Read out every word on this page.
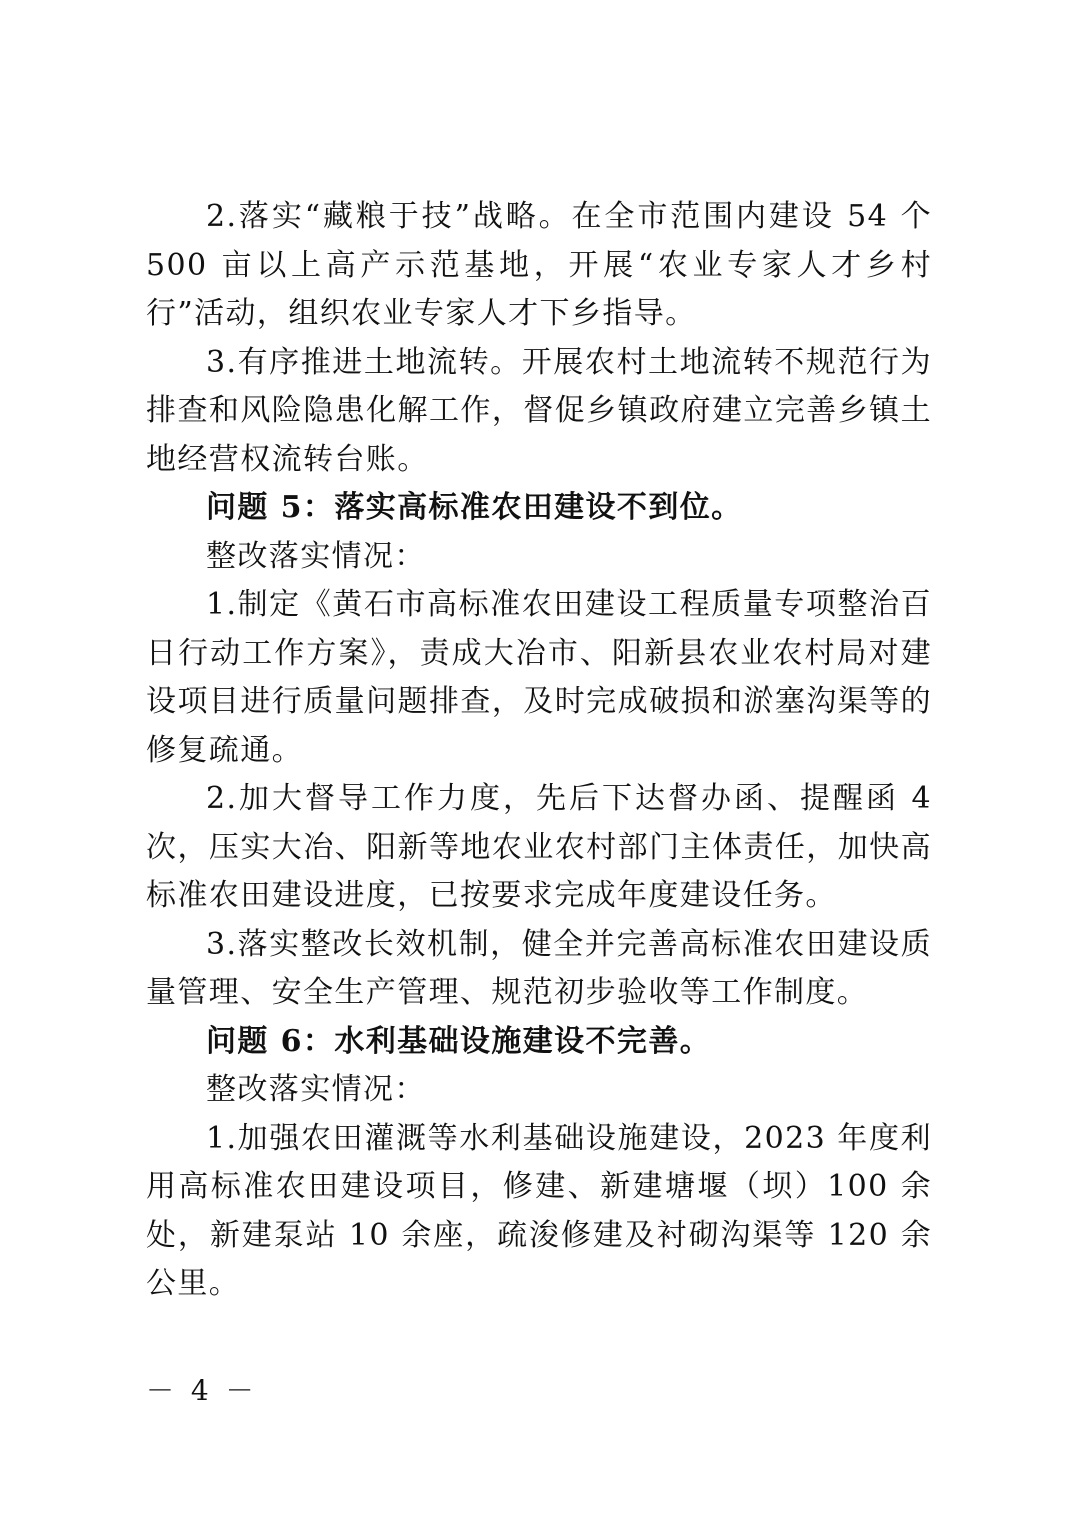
2.落实“藏粮于技”战略。在全市范围内建设 54 个 500 亩以上高产示范基地，开展“农业专家人才乡村行”活动，组织农业专家人才下乡指导。

3.有序推进土地流转。开展农村土地流转不规范行为排查和风险隐患化解工作，督促乡镇政府建立完善乡镇土地经营权流转台账。

问题 5：落实高标准农田建设不到位。

整改落实情况：

1.制定《黄石市高标准农田建设工程质量专项整治百日行动工作方案》，责成大冶市、阳新县农业农村局对建设项目进行质量问题排查，及时完成破损和淤塞沟渠等的修复疏通。

2.加大督导工作力度，先后下达督办函、提醒函 4 次，压实大冶、阳新等地农业农村部门主体责任，加快高标准农田建设进度，已按要求完成年度建设任务。

3.落实整改长效机制，健全并完善高标准农田建设质量管理、安全生产管理、规范初步验收等工作制度。

问题 6：水利基础设施建设不完善。

整改落实情况：

1.加强农田灌溉等水利基础设施建设，2023 年度利用高标准农田建设项目，修建、新建塘堰（坝）100 余处，新建泵站 10 余座，疏浚修建及衬砌沟渠等 120 余公里。

－ 4 －
